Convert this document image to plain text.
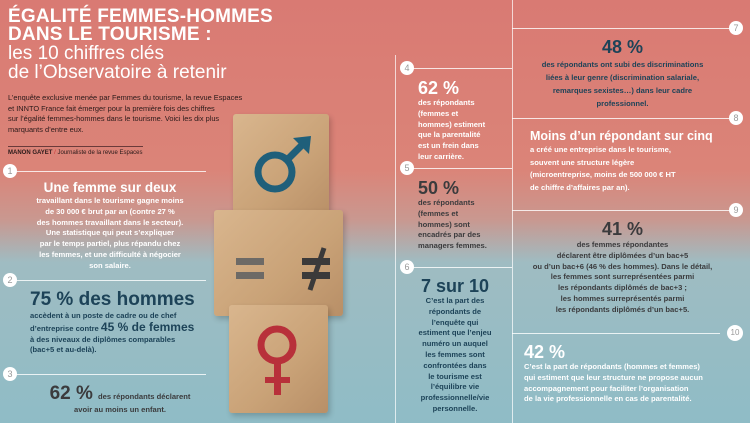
ÉGALITÉ FEMMES-HOMMES
DANS LE TOURISME :
les 10 chiffres clés
de l’Observatoire à retenir
L’enquête exclusive menée par Femmes du tourisme, la revue Espaces
et INNTO France fait émerger pour la première fois des chiffres
sur l’égalité femmes-hommes dans le tourisme. Voici les dix plus
marquants d’entre eux.
MANON GAYET / Journaliste de la revue Espaces
1
2
3
4
5
6
7
8
9
10
Une femme sur deux
travaillant dans le tourisme gagne moins
de 30 000 € brut par an (contre 27 %
des hommes travaillant dans le secteur).
Une statistique qui peut s’expliquer
par le temps partiel, plus répandu chez
les femmes, et une difficulté à négocier
son salaire.
75 % des hommes
accèdent à un poste de cadre ou de chef
d’entreprise contre 45 % de femmes
à des niveaux de diplômes comparables
(bac+5 et au-delà).
62 % des répondants déclarent
avoir au moins un enfant.
62 %
des répondants
(femmes et
hommes) estiment
que la parentalité
est un frein dans
leur carrière.
50 %
des répondants
(femmes et
hommes) sont
encadrés par des
managers femmes.
7 sur 10
C’est la part des
répondants de
l’enquête qui
estiment que l’enjeu
numéro un auquel
les femmes sont
confrontées dans
le tourisme est
l’équilibre vie
professionnelle/vie
personnelle.
48 %
des répondants ont subi des discriminations
liées à leur genre (discrimination salariale,
remarques sexistes…) dans leur cadre
professionnel.
Moins d’un répondant sur cinq
a créé une entreprise dans le tourisme,
souvent une structure légère
(microentreprise, moins de 500 000 € HT
de chiffre d’affaires par an).
41 %
des femmes répondantes
déclarent être diplômées d’un bac+5
ou d’un bac+6 (46 % des hommes). Dans le détail,
les femmes sont surreprésentées parmi
les répondants diplômés de bac+3 ;
les hommes surreprésentés parmi
les répondants diplômés d’un bac+5.
42 %
C’est la part de répondants (hommes et femmes)
qui estiment que leur structure ne propose aucun
accompagnement pour faciliter l’organisation
de la vie professionnelle en cas de parentalité.
